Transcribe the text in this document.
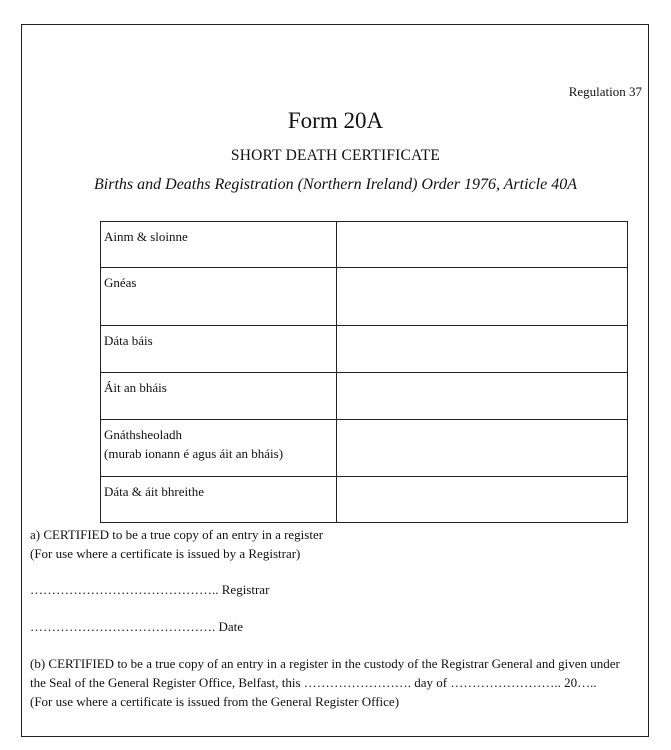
Regulation 37
Form 20A
SHORT DEATH CERTIFICATE
Births and Deaths Registration (Northern Ireland) Order 1976, Article 40A
Ainm & sloinne	
Gnéas	
Dáta báis	
Áit an bháis	

Gnáthsheoladh
(murab ionann é agus áit an bháis)	

Dáta & áit bhreithe	
a) CERTIFIED to be a true copy of an entry in a register
(For use where a certificate is issued by a Registrar)
…………………………………….. Registrar
……………………………………. Date
(b) CERTIFIED to be a true copy of an entry in a register in the custody of the Registrar General and given under
the Seal of the General Register Office, Belfast, this ……………………. day of …………………….. 20…..
(For use where a certificate is issued from the General Register Office)
